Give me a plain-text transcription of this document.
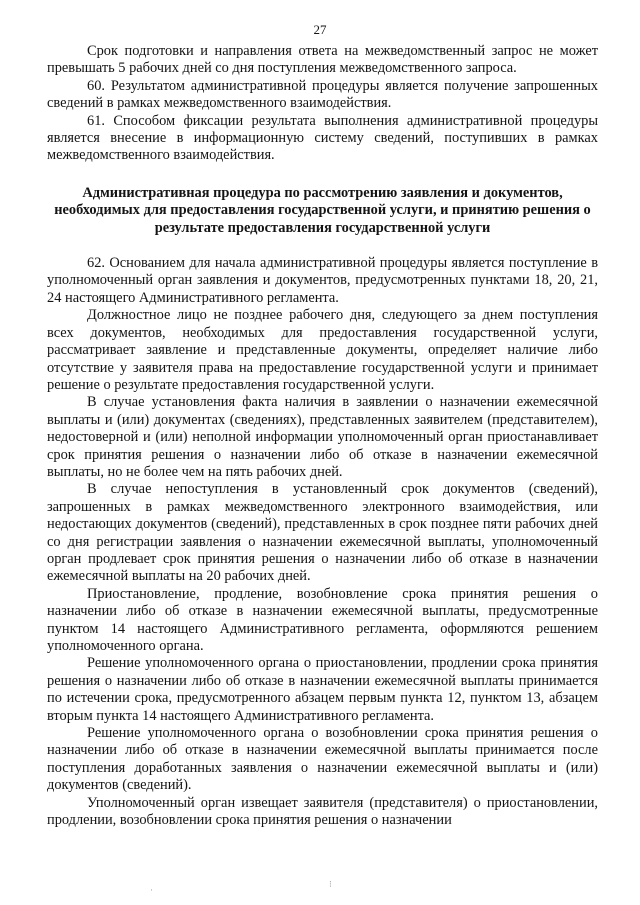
27

Срок подготовки и направления ответа на межведомственный запрос не может превышать 5 рабочих дней со дня поступления межведомственного запроса.

60. Результатом административной процедуры является получение запрошенных сведений в рамках межведомственного взаимодействия.

61. Способом фиксации результата выполнения административной процедуры является внесение в информационную систему сведений, поступивших в рамках межведомственного взаимодействия.

Административная процедура по рассмотрению заявления и документов, необходимых для предоставления государственной услуги, и принятию решения о результате предоставления государственной услуги

62. Основанием для начала административной процедуры является поступление в уполномоченный орган заявления и документов, предусмотренных пунктами 18, 20, 21, 24 настоящего Административного регламента.

Должностное лицо не позднее рабочего дня, следующего за днем поступления всех документов, необходимых для предоставления государственной услуги, рассматривает заявление и представленные документы, определяет наличие либо отсутствие у заявителя права на предоставление государственной услуги и принимает решение о результате предоставления государственной услуги.

В случае установления факта наличия в заявлении о назначении ежемесячной выплаты и (или) документах (сведениях), представленных заявителем (представителем), недостоверной и (или) неполной информации уполномоченный орган приостанавливает срок принятия решения о назначении либо об отказе в назначении ежемесячной выплаты, но не более чем на пять рабочих дней.

В случае непоступления в установленный срок документов (сведений), запрошенных в рамках межведомственного электронного взаимодействия, или недостающих документов (сведений), представленных в срок позднее пяти рабочих дней со дня регистрации заявления о назначении ежемесячной выплаты, уполномоченный орган продлевает срок принятия решения о назначении либо об отказе в назначении ежемесячной выплаты на 20 рабочих дней.

Приостановление, продление, возобновление срока принятия решения о назначении либо об отказе в назначении ежемесячной выплаты, предусмотренные пунктом 14 настоящего Административного регламента, оформляются решением уполномоченного органа.

Решение уполномоченного органа о приостановлении, продлении срока принятия решения о назначении либо об отказе в назначении ежемесячной выплаты принимается по истечении срока, предусмотренного абзацем первым пункта 12, пунктом 13, абзацем вторым пункта 14 настоящего Административного регламента.

Решение уполномоченного органа о возобновлении срока принятия решения о назначении либо об отказе в назначении ежемесячной выплаты принимается после поступления доработанных заявления о назначении ежемесячной выплаты и (или) документов (сведений).

Уполномоченный орган извещает заявителя (представителя) о приостановлении, продлении, возобновлении срока принятия решения о назначении

·
⁝
